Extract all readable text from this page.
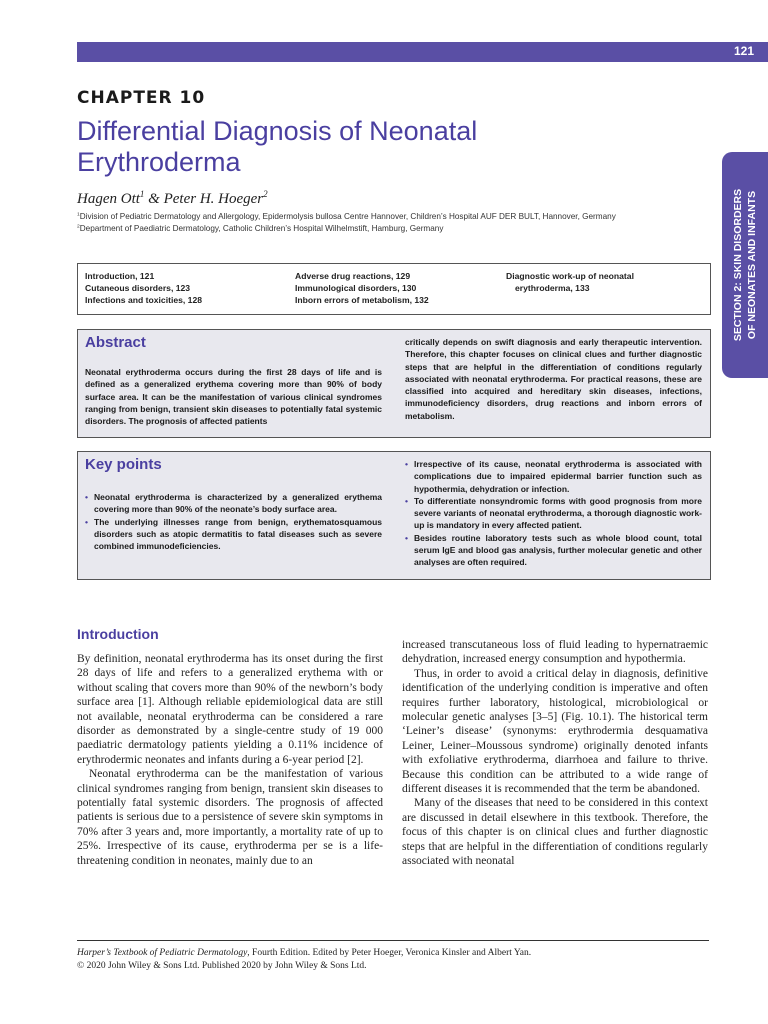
121
CHAPTER 10
Differential Diagnosis of Neonatal
Erythroderma
Hagen Ott$^1$ & Peter H. Hoeger$^2$
$^1$Division of Pediatric Dermatology and Allergology, Epidermolysis bullosa Centre Hannover, Children’s Hospital AUF DER BULT, Hannover, Germany
$^2$Department of Paediatric Dermatology, Catholic Children’s Hospital Wilhelmstift, Hamburg, Germany	SECTION 2: SKIN DISORDERS OF NEONATES AND INFANTS
Introduction, 121
Cutaneous disorders, 123
Infections and toxicities, 128
Adverse drug reactions, 129
Immunological disorders, 130
Inborn errors of metabolism, 132
Diagnostic work-up of neonatal
erythroderma, 133
Abstract
Neonatal erythroderma occurs during the first 28 days of life and is defined as a generalized erythema covering more than 90% of body surface area. It can be the manifestation of various clinical syndromes ranging from benign, transient skin diseases to potentially fatal systemic disorders. The prognosis of affected patients
critically depends on swift diagnosis and early therapeutic intervention. Therefore, this chapter focuses on clinical clues and further diagnostic steps that are helpful in the differentiation of conditions regularly associated with neonatal erythroderma. For practical reasons, these are classified into acquired and hereditary skin diseases, infections, immunodeficiency disorders, drug reactions and inborn errors of metabolism.
Key points
• Neonatal erythroderma is characterized by a generalized erythema covering more than 90% of the neonate’s body surface area.
• The underlying illnesses range from benign, erythematosquamous disorders such as atopic dermatitis to fatal diseases such as severe combined immunodeficiencies.
• Irrespective of its cause, neonatal erythroderma is associated with complications due to impaired epidermal barrier function such as hypothermia, dehydration or infection.
• To differentiate nonsyndromic forms with good prognosis from more severe variants of neonatal erythroderma, a thorough diagnostic work-up is mandatory in every affected patient.
• Besides routine laboratory tests such as whole blood count, total serum IgE and blood gas analysis, further molecular genetic and other analyses are often required.
Introduction

By definition, neonatal erythroderma has its onset during the first 28 days of life and refers to a generalized erythema with or without scaling that covers more than 90% of the newborn’s body surface area [1]. Although reliable epidemiological data are still not available, neonatal erythroderma can be considered a rare disorder as demonstrated by a single-centre study of 19 000 paediatric dermatology patients yielding a 0.11% incidence of erythrodermic neonates and infants during a 6-year period [2].

Neonatal erythroderma can be the manifestation of various clinical syndromes ranging from benign, transient skin diseases to potentially fatal systemic disorders. The prognosis of affected patients is serious due to a persistence of severe skin symptoms in 70% after 3 years and, more importantly, a mortality rate of up to 25%. Irrespective of its cause, erythroderma per se is a life-threatening condition in neonates, mainly due to an

increased transcutaneous loss of fluid leading to hypernatraemic dehydration, increased energy consumption and hypothermia.

Thus, in order to avoid a critical delay in diagnosis, definitive identification of the underlying condition is imperative and often requires further laboratory, histological, microbiological or molecular genetic analyses [3–5] (Fig. 10.1). The historical term ‘Leiner’s disease’ (synonyms: erythrodermia desquamativa Leiner, Leiner–Moussous syndrome) originally denoted infants with exfoliative erythroderma, diarrhoea and failure to thrive. Because this condition can be attributed to a wide range of different diseases it is recommended that the term be abandoned.

Many of the diseases that need to be considered in this context are discussed in detail elsewhere in this textbook. Therefore, the focus of this chapter is on clinical clues and further diagnostic steps that are helpful in the differentiation of conditions regularly associated with neonatal

Harper’s Textbook of Pediatric Dermatology, Fourth Edition. Edited by Peter Hoeger, Veronica Kinsler and Albert Yan.
© 2020 John Wiley & Sons Ltd. Published 2020 by John Wiley & Sons Ltd.
